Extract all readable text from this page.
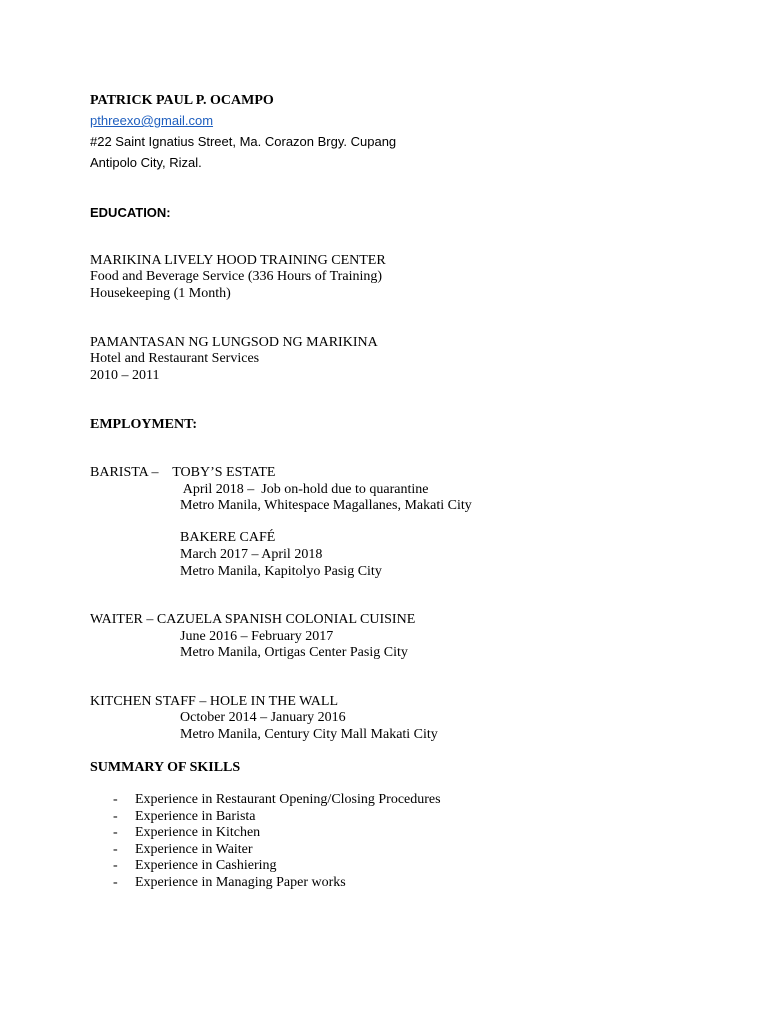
PATRICK PAUL P. OCAMPO
pthreexo@gmail.com
#22 Saint Ignatius Street, Ma. Corazon Brgy. Cupang
Antipolo City, Rizal.
EDUCATION:
MARIKINA LIVELY HOOD TRAINING CENTER
Food and Beverage Service (336 Hours of Training)
Housekeeping (1 Month)
PAMANTASAN NG LUNGSOD NG MARIKINA
Hotel and Restaurant Services
2010 – 2011
EMPLOYMENT:
BARISTA –    TOBY’S ESTATE
April 2018 –  Job on-hold due to quarantine
Metro Manila, Whitespace Magallanes, Makati City
BAKERE CAFÉ
March 2017 – April 2018
Metro Manila, Kapitolyo Pasig City
WAITER – CAZUELA SPANISH COLONIAL CUISINE
June 2016 – February 2017
Metro Manila, Ortigas Center Pasig City
KITCHEN STAFF – HOLE IN THE WALL
October 2014 – January 2016
Metro Manila, Century City Mall Makati City
SUMMARY OF SKILLS
- Experience in Restaurant Opening/Closing Procedures
- Experience in Barista
- Experience in Kitchen
- Experience in Waiter
- Experience in Cashiering
- Experience in Managing Paper works
